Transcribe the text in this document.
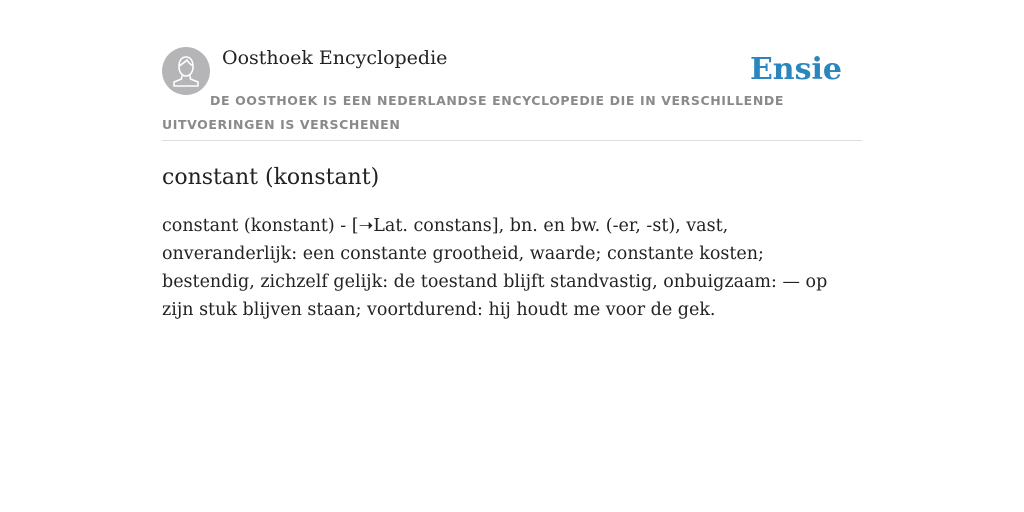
Oosthoek Encyclopedie	Ensie

DE OOSTHOEK IS EEN NEDERLANDSE ENCYCLOPEDIE DIE IN VERSCHILLENDE UITVOERINGEN IS VERSCHENEN

constant (konstant)

constant (konstant) - [➝Lat. constans], bn. en bw. (-er, -st), vast, onveranderlijk: een constante grootheid, waarde; constante kosten; bestendig, zichzelf gelijk: de toestand blijft standvastig, onbuigzaam: — op zijn stuk blijven staan; voortdurend: hij houdt me voor de gek.
